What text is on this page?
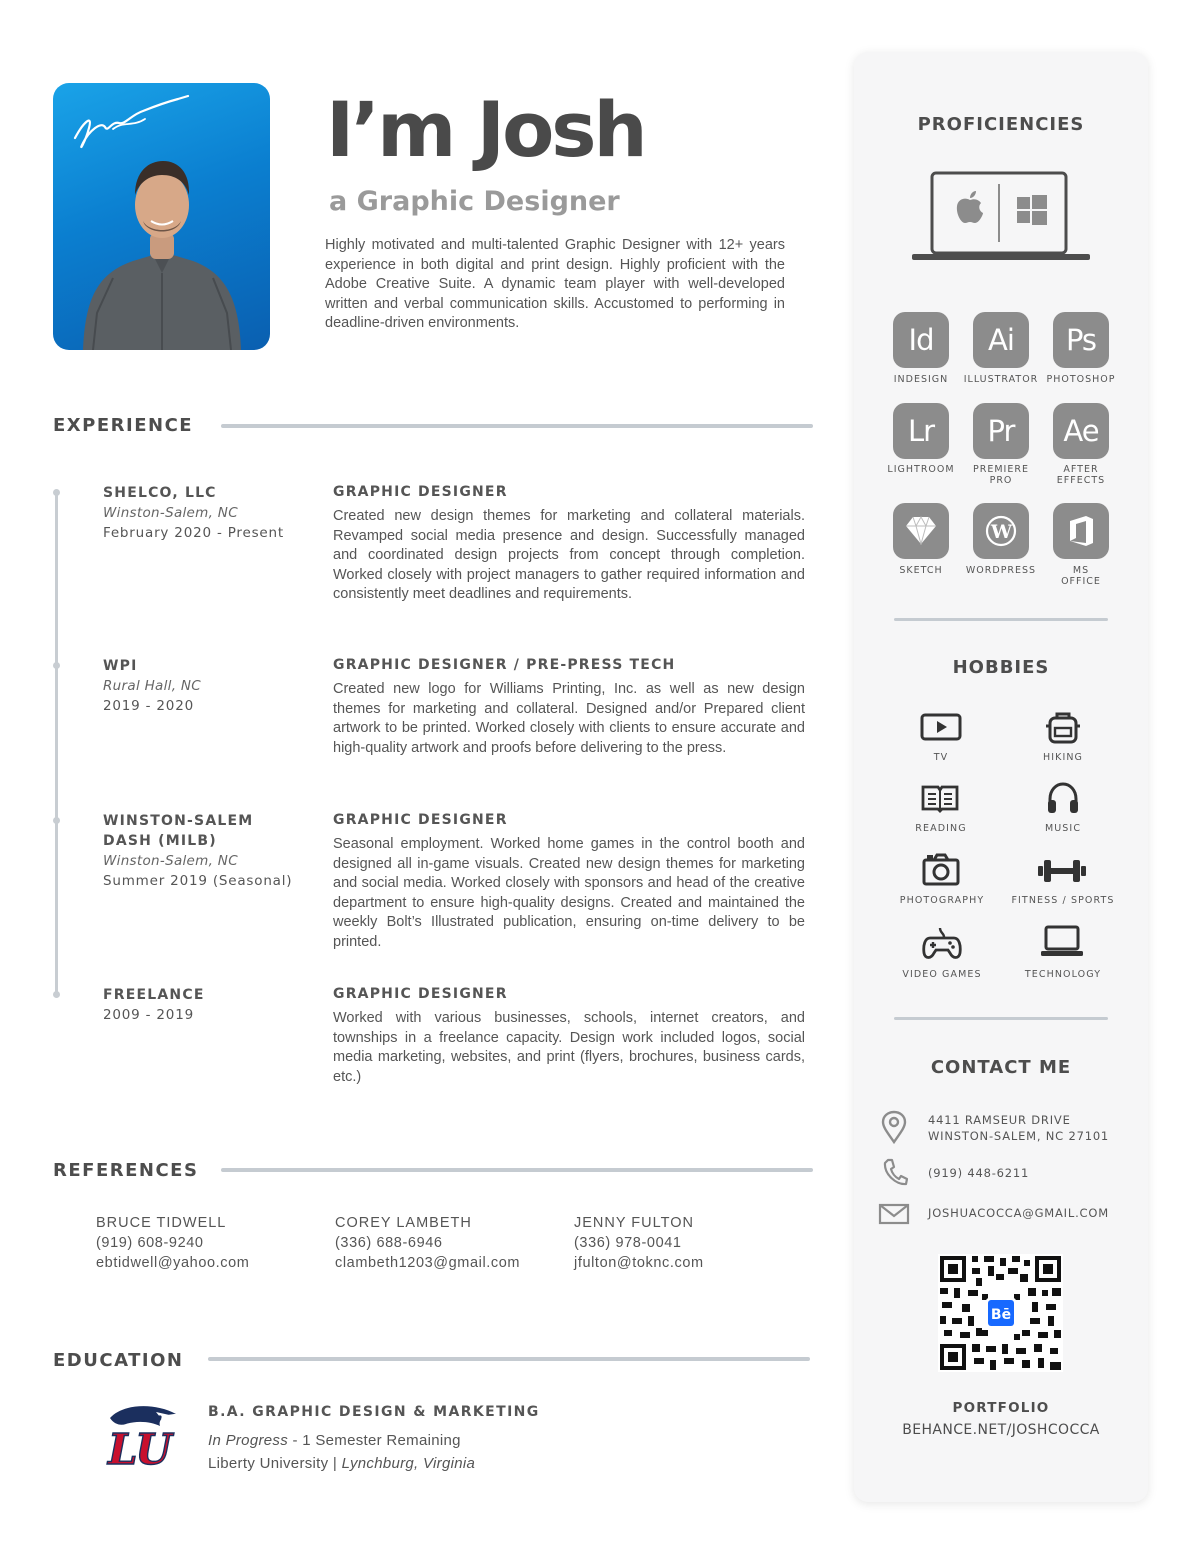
I’m Josh
a Graphic Designer
Highly motivated and multi-talented Graphic Designer with 12+ years experience in both digital and print design. Highly proficient with the Adobe Creative Suite. A dynamic team player with well-developed written and verbal communication skills. Accustomed to performing in deadline-driven environments.
EXPERIENCE
SHELCO, LLC
Winston-Salem, NC
February 2020 - Present
GRAPHIC DESIGNER
Created new design themes for marketing and collateral materials. Revamped social media presence and design. Successfully managed and coordinated design projects from concept through completion. Worked closely with project managers to gather required information and consistently meet deadlines and requirements.
WPI
Rural Hall, NC
2019 - 2020
GRAPHIC DESIGNER / PRE-PRESS TECH
Created new logo for Williams Printing, Inc. as well as new design themes for marketing and collateral. Designed and/or Prepared client artwork to be printed. Worked closely with clients to ensure accurate and high-quality artwork and proofs before delivering to the press.
WINSTON-SALEM DASH (MILB)
Winston-Salem, NC
Summer 2019 (Seasonal)
GRAPHIC DESIGNER
Seasonal employment. Worked home games in the control booth and designed all in-game visuals. Created new design themes for marketing and social media. Worked closely with sponsors and head of the creative department to ensure high-quality designs. Created and maintained the weekly Bolt’s Illustrated publication, ensuring on-time delivery to be printed.
FREELANCE
2009 - 2019
GRAPHIC DESIGNER
Worked with various businesses, schools, internet creators, and townships in a freelance capacity. Design work included logos, social media marketing, websites, and print (flyers, brochures, business cards, etc.)
REFERENCES
BRUCE TIDWELL
(919) 608-9240
ebtidwell@yahoo.com
COREY LAMBETH
(336) 688-6946
clambeth1203@gmail.com
JENNY FULTON
(336) 978-0041
jfulton@toknc.com
EDUCATION
LU
B.A. GRAPHIC DESIGN & MARKETING
In Progress - 1 Semester Remaining
Liberty University | Lynchburg, Virginia
PROFICIENCIES
Id
INDESIGN
Ai
ILLUSTRATOR
Ps
PHOTOSHOP
Lr
LIGHTROOM
Pr
PREMIERE PRO
Ae
AFTER EFFECTS
SKETCH
W
WORDPRESS	MS OFFICE
HOBBIES
TV	HIKING
READING	MUSIC
PHOTOGRAPHY	FITNESS / SPORTS
VIDEO GAMES	TECHNOLOGY
CONTACT ME
4411 RAMSEUR DRIVE
WINSTON-SALEM, NC 27101
(919) 448-6211
JOSHUACOCCA@GMAIL.COM
Bē
PORTFOLIO
BEHANCE.NET/JOSHCOCCA
